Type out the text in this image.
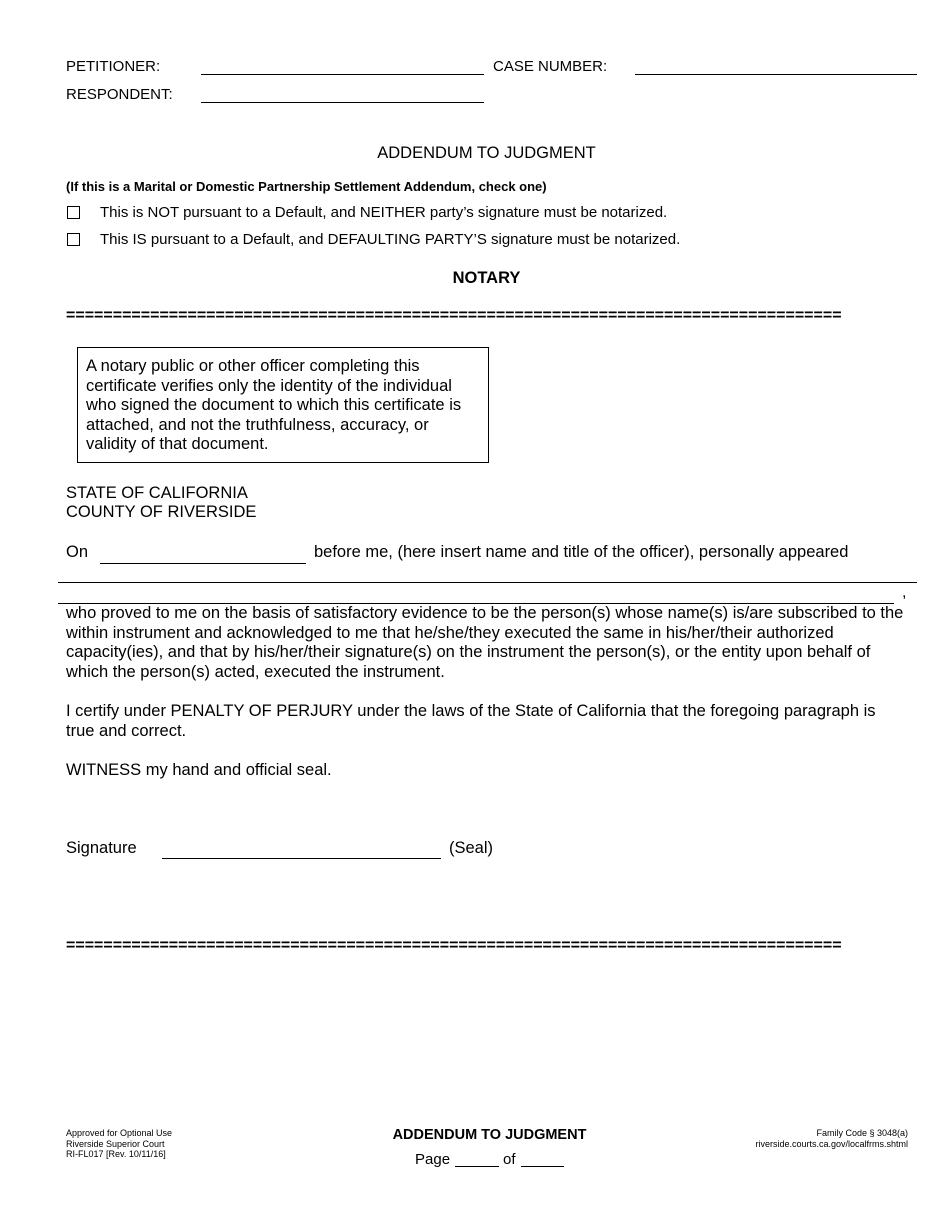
PETITIONER:	CASE NUMBER:
RESPONDENT:
ADDENDUM TO JUDGMENT
(If this is a Marital or Domestic Partnership Settlement Addendum, check one)
This is NOT pursuant to a Default, and NEITHER party’s signature must be notarized.
This IS pursuant to a Default, and DEFAULTING PARTY’S signature must be notarized.
NOTARY
===================================================================================
A notary public or other officer completing this certificate verifies only the identity of the individual who signed the document to which this certificate is attached, and not the truthfulness, accuracy, or validity of that document.
STATE OF CALIFORNIA
COUNTY OF RIVERSIDE
On	before me, (here insert name and title of the officer), personally appeared
,
who proved to me on the basis of satisfactory evidence to be the person(s) whose name(s) is/are subscribed to the within instrument and acknowledged to me that he/she/they executed the same in his/her/their authorized capacity(ies), and that by his/her/their signature(s) on the instrument the person(s), or the entity upon behalf of which the person(s) acted, executed the instrument.
I certify under PENALTY OF PERJURY under the laws of the State of California that the foregoing paragraph is true and correct.
WITNESS my hand and official seal.
Signature	(Seal)
===================================================================================
Approved for Optional Use
Riverside Superior Court
RI-FL017 [Rev. 10/11/16]
ADDENDUM TO JUDGMENT
Page	of
Family Code § 3048(a)
riverside.courts.ca.gov/localfrms.shtml
